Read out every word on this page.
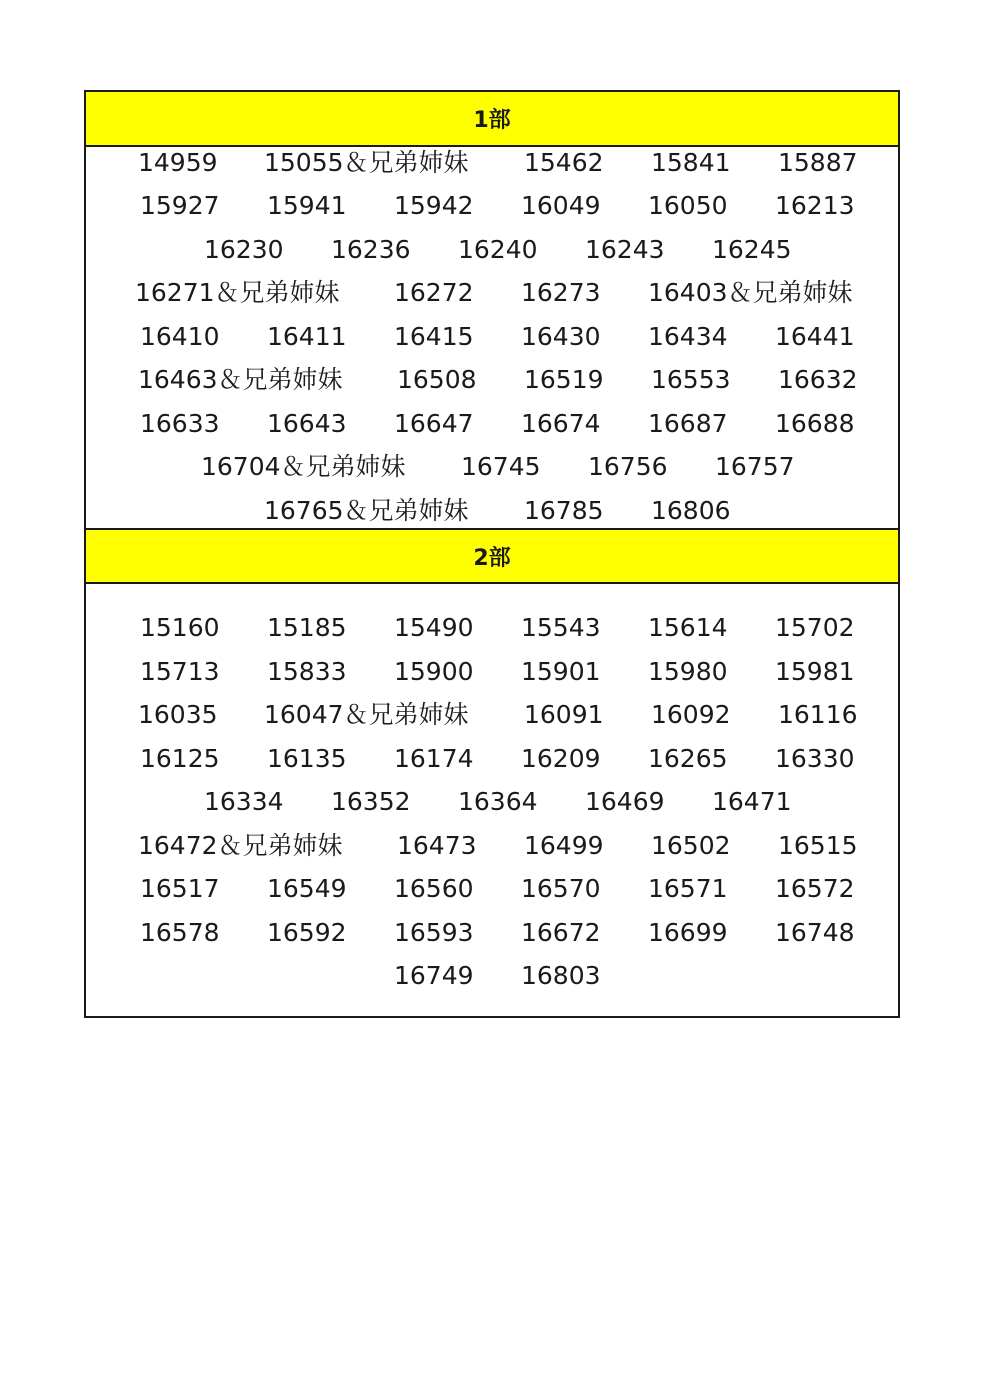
1部
14959 15055＆兄弟姉妹 15462 15841 15887
15927 15941 15942 16049 16050 16213
16230 16236 16240 16243 16245
16271＆兄弟姉妹 16272 16273 16403＆兄弟姉妹
16410 16411 16415 16430 16434 16441
16463＆兄弟姉妹 16508 16519 16553 16632
16633 16643 16647 16674 16687 16688
16704＆兄弟姉妹 16745 16756 16757
16765＆兄弟姉妹 16785 16806
2部
15160 15185 15490 15543 15614 15702
15713 15833 15900 15901 15980 15981
16035 16047＆兄弟姉妹 16091 16092 16116
16125 16135 16174 16209 16265 16330
16334 16352 16364 16469 16471
16472＆兄弟姉妹 16473 16499 16502 16515
16517 16549 16560 16570 16571 16572
16578 16592 16593 16672 16699 16748
16749 16803
